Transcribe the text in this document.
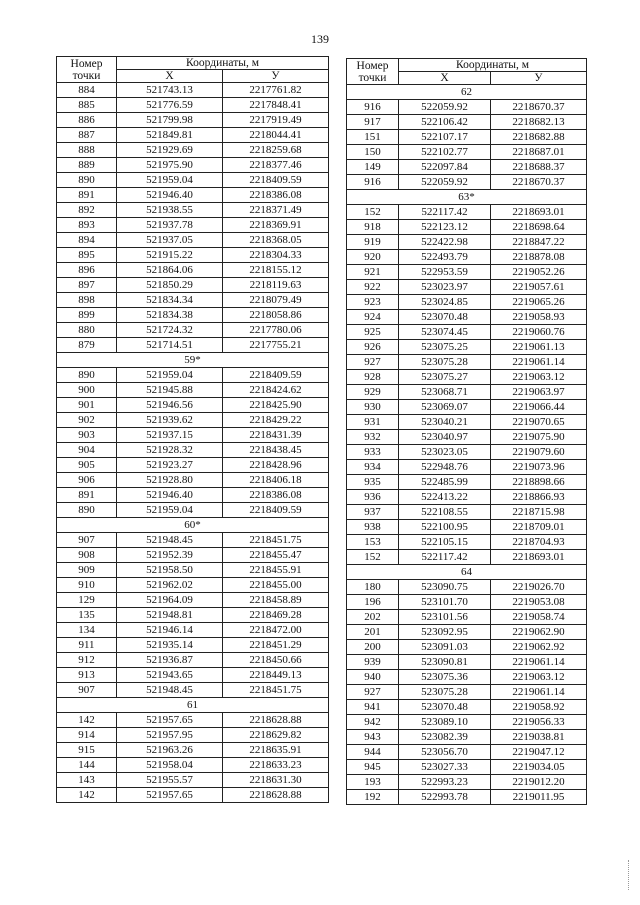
139
Номер
точки	Координаты, м	
	X	У
884	521743.13	2217761.82
885	521776.59	2217848.41
886	521799.98	2217919.49
887	521849.81	2218044.41
888	521929.69	2218259.68
889	521975.90	2218377.46
890	521959.04	2218409.59
891	521946.40	2218386.08
892	521938.55	2218371.49
893	521937.78	2218369.91
894	521937.05	2218368.05
895	521915.22	2218304.33
896	521864.06	2218155.12
897	521850.29	2218119.63
898	521834.34	2218079.49
899	521834.38	2218058.86
880	521724.32	2217780.06
879	521714.51	2217755.21
59*		
890	521959.04	2218409.59
900	521945.88	2218424.62
901	521946.56	2218425.90
902	521939.62	2218429.22
903	521937.15	2218431.39
904	521928.32	2218438.45
905	521923.27	2218428.96
906	521928.80	2218406.18
891	521946.40	2218386.08
890	521959.04	2218409.59
60*		
907	521948.45	2218451.75
908	521952.39	2218455.47
909	521958.50	2218455.91
910	521962.02	2218455.00
129	521964.09	2218458.89
135	521948.81	2218469.28
134	521946.14	2218472.00
911	521935.14	2218451.29
912	521936.87	2218450.66
913	521943.65	2218449.13
907	521948.45	2218451.75
61		
142	521957.65	2218628.88
914	521957.95	2218629.82
915	521963.26	2218635.91
144	521958.04	2218633.23
143	521955.57	2218631.30
142	521957.65	2218628.88
Номер
точки	Координаты, м	
	X	У
62		
916	522059.92	2218670.37
917	522106.42	2218682.13
151	522107.17	2218682.88
150	522102.77	2218687.01
149	522097.84	2218688.37
916	522059.92	2218670.37
63*		
152	522117.42	2218693.01
918	522123.12	2218698.64
919	522422.98	2218847.22
920	522493.79	2218878.08
921	522953.59	2219052.26
922	523023.97	2219057.61
923	523024.85	2219065.26
924	523070.48	2219058.93
925	523074.45	2219060.76
926	523075.25	2219061.13
927	523075.28	2219061.14
928	523075.27	2219063.12
929	523068.71	2219063.97
930	523069.07	2219066.44
931	523040.21	2219070.65
932	523040.97	2219075.90
933	523023.05	2219079.60
934	522948.76	2219073.96
935	522485.99	2218898.66
936	522413.22	2218866.93
937	522108.55	2218715.98
938	522100.95	2218709.01
153	522105.15	2218704.93
152	522117.42	2218693.01
64		
180	523090.75	2219026.70
196	523101.70	2219053.08
202	523101.56	2219058.74
201	523092.95	2219062.90
200	523091.03	2219062.92
939	523090.81	2219061.14
940	523075.36	2219063.12
927	523075.28	2219061.14
941	523070.48	2219058.92
942	523089.10	2219056.33
943	523082.39	2219038.81
944	523056.70	2219047.12
945	523027.33	2219034.05
193	522993.23	2219012.20
192	522993.78	2219011.95
